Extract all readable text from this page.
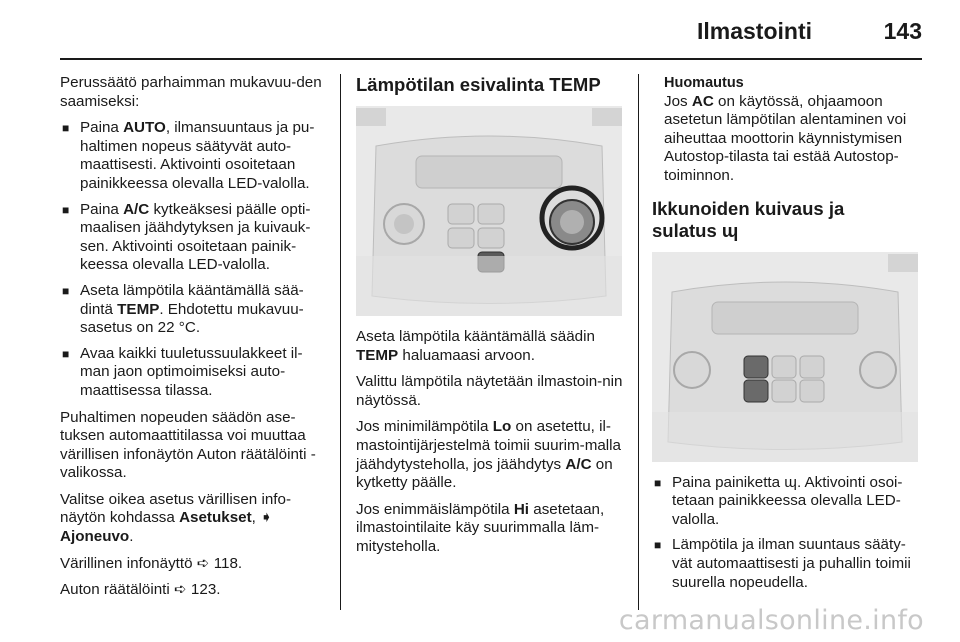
Ilmastointi	143

Perussäätö parhaimman mukavuu-den saamiseksi:

■ Paina AUTO, ilmansuuntaus ja pu-haltimen nopeus säätyvät auto-maattisesti. Aktivointi osoitetaan painikkeessa olevalla LED-valolla.
■ Paina A/C kytkeäksesi päälle opti-maalisen jäähdytyksen ja kuivauk-sen. Aktivointi osoitetaan painik-keessa olevalla LED-valolla.
■ Aseta lämpötila kääntämällä sää-dintä TEMP. Ehdotettu mukavuu-sasetus on 22 °C.
■ Avaa kaikki tuuletussuulakkeet il-man jaon optimoimiseksi auto-maattisessa tilassa.

Puhaltimen nopeuden säädön ase-tuksen automaattitilassa voi muuttaa värillisen infonäytön Auton räätälöinti -valikossa.

Valitse oikea asetus värillisen info-näytön kohdassa Asetukset, ➧ Ajoneuvo.

Värillinen infonäyttö ➪ 118.

Auton räätälöinti ➪ 123.

Lämpötilan esivalinta TEMP

Aseta lämpötila kääntämällä säädin TEMP haluamaasi arvoon.

Valittu lämpötila näytetään ilmastoin-nin näytössä.

Jos minimilämpötila Lo on asetettu, il-mastointijärjestelmä toimii suurim-malla jäähdytysteholla, jos jäähdytys A/C on kytketty päälle.

Jos enimmäislämpötila Hi asetetaan, ilmastointilaite käy suurimmalla läm-mitysteholla.

Huomautus
Jos AC on käytössä, ohjaamoon asetetun lämpötilan alentaminen voi aiheuttaa moottorin käynnistymisen Autostop-tilasta tai estää Autostop-toiminnon.
Ikkunoiden kuivaus ja
sulatus ɰ
■ Paina painiketta ɰ. Aktivointi osoi-tetaan painikkeessa olevalla LED-valolla.
■ Lämpötila ja ilman suuntaus sääty-vät automaattisesti ja puhallin toimii suurella nopeudella.
carmanualsonline.info
